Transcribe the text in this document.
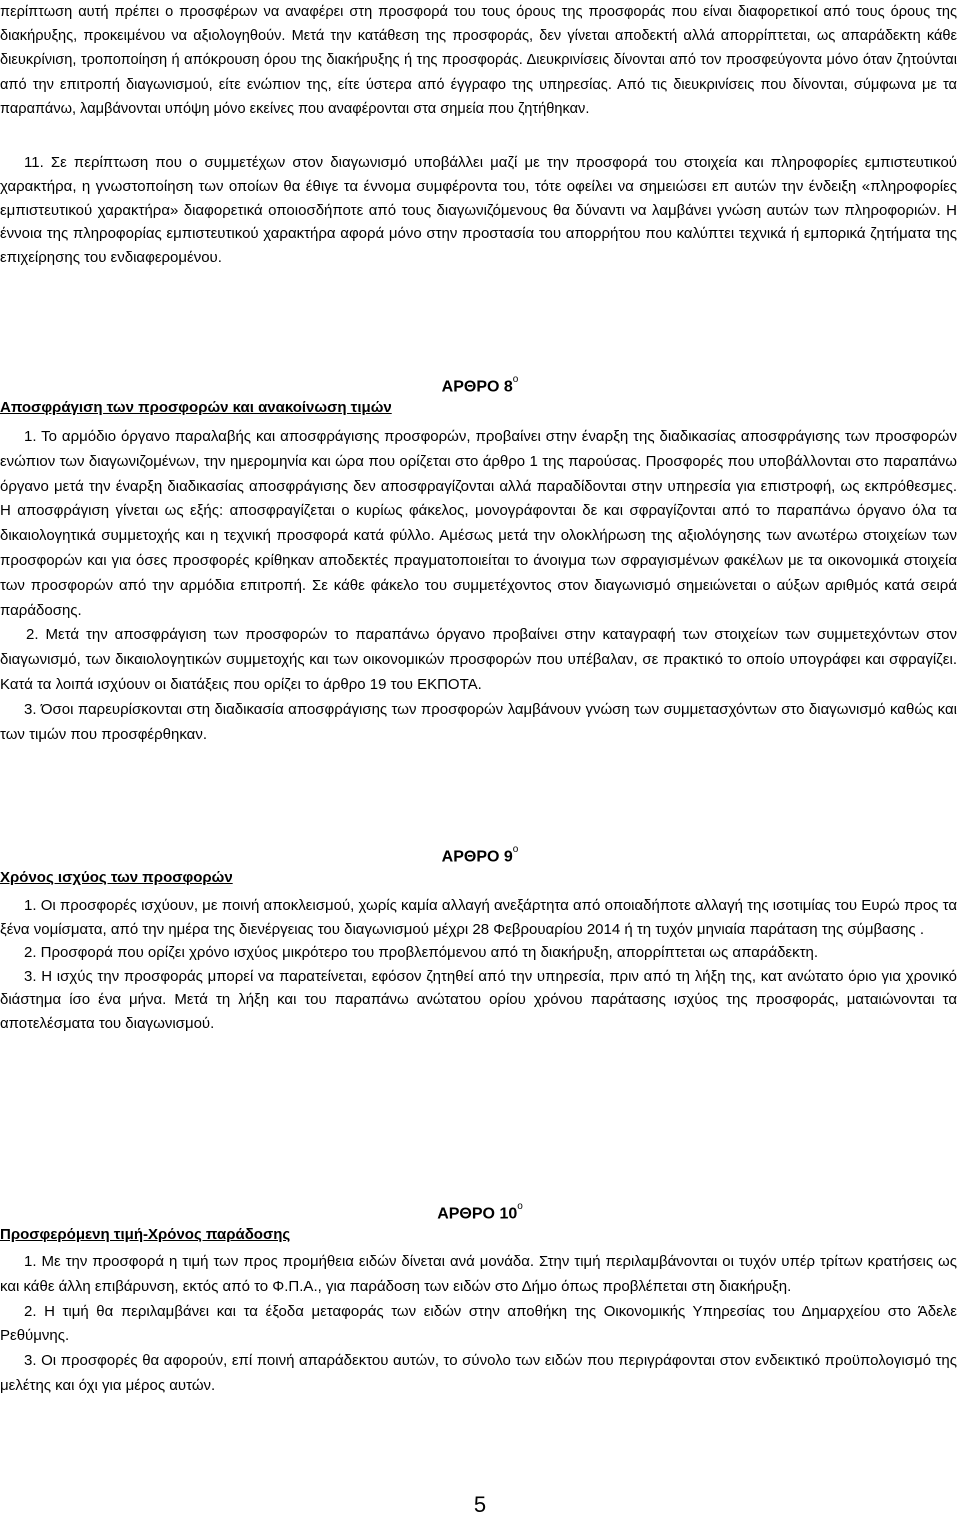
περίπτωση αυτή πρέπει ο προσφέρων να αναφέρει στη προσφορά του τους όρους της προσφοράς που είναι διαφορετικοί από τους όρους της διακήρυξης, προκειμένου να αξιολογηθούν. Μετά την κατάθεση της προσφοράς, δεν γίνεται αποδεκτή αλλά απορρίπτεται, ως απαράδεκτη κάθε διευκρίνιση, τροποποίηση ή απόκρουση όρου της διακήρυξης ή της προσφοράς. Διευκρινίσεις δίνονται από τον προσφεύγοντα μόνο όταν ζητούνται από την επιτροπή διαγωνισμού, είτε ενώπιον της, είτε ύστερα από έγγραφο της υπηρεσίας. Από τις διευκρινίσεις που δίνονται, σύμφωνα με τα παραπάνω, λαμβάνονται υπόψη μόνο εκείνες που αναφέρονται στα σημεία που ζητήθηκαν.

11. Σε περίπτωση που ο συμμετέχων στον διαγωνισμό υποβάλλει μαζί με την προσφορά του στοιχεία και πληροφορίες εμπιστευτικού χαρακτήρα, η γνωστοποίηση των οποίων θα έθιγε τα έννομα συμφέροντα του, τότε οφείλει να σημειώσει επ αυτών την ένδειξη «πληροφορίες εμπιστευτικού χαρακτήρα» διαφορετικά οποιοσδήποτε από τους διαγωνιζόμενους θα δύναντι να λαμβάνει γνώση αυτών των πληροφοριών. Η έννοια της πληροφορίας εμπιστευτικού χαρακτήρα αφορά μόνο στην προστασία του απορρήτου που καλύπτει τεχνικά ή εμπορικά ζητήματα της επιχείρησης του ενδιαφερομένου.

ΑΡΘΡΟ $8^o$
Αποσφράγιση των προσφορών και ανακοίνωση τιμών

1. Το αρμόδιο όργανο παραλαβής και αποσφράγισης προσφορών, προβαίνει στην έναρξη της διαδικασίας αποσφράγισης των προσφορών ενώπιον των διαγωνιζομένων, την ημερομηνία και ώρα που ορίζεται στο άρθρο 1 της παρούσας. Προσφορές που υποβάλλονται στο παραπάνω όργανο μετά την έναρξη διαδικασίας αποσφράγισης δεν αποσφραγίζονται αλλά παραδίδονται στην υπηρεσία για επιστροφή, ως εκπρόθεσμες. Η αποσφράγιση γίνεται ως εξής: αποσφραγίζεται ο κυρίως φάκελος, μονογράφονται δε και σφραγίζονται από το παραπάνω όργανο όλα τα δικαιολογητικά συμμετοχής και η τεχνική προσφορά κατά φύλλο. Αμέσως μετά την ολοκλήρωση της αξιολόγησης των ανωτέρω στοιχείων των προσφορών και για όσες προσφορές κρίθηκαν αποδεκτές πραγματοποιείται το άνοιγμα των σφραγισμένων φακέλων με τα οικονομικά στοιχεία των προσφορών από την αρμόδια επιτροπή. Σε κάθε φάκελο του συμμετέχοντος στον διαγωνισμό σημειώνεται ο αύξων αριθμός κατά σειρά παράδοσης.

2. Μετά την αποσφράγιση των προσφορών το παραπάνω όργανο προβαίνει στην καταγραφή των στοιχείων των συμμετεχόντων στον διαγωνισμό, των δικαιολογητικών συμμετοχής και των οικονομικών προσφορών που υπέβαλαν, σε πρακτικό το οποίο υπογράφει και σφραγίζει. Κατά τα λοιπά ισχύουν οι διατάξεις που ορίζει το άρθρο 19 του ΕΚΠΟΤΑ.

3. Όσοι παρευρίσκονται στη διαδικασία αποσφράγισης των προσφορών λαμβάνουν γνώση των συμμετασχόντων στο διαγωνισμό καθώς και των τιμών που προσφέρθηκαν.

ΑΡΘΡΟ $9^o$
Χρόνος ισχύος των προσφορών

1. Οι προσφορές ισχύουν, με ποινή αποκλεισμού, χωρίς καμία αλλαγή ανεξάρτητα από οποιαδήποτε αλλαγή της ισοτιμίας του Ευρώ προς τα ξένα νομίσματα, από την ημέρα της διενέργειας του διαγωνισμού μέχρι 28 Φεβρουαρίου 2014 ή τη τυχόν μηνιαία παράταση της σύμβασης .

2. Προσφορά που ορίζει χρόνο ισχύος μικρότερο του προβλεπόμενου από τη διακήρυξη, απορρίπτεται ως απαράδεκτη.

3. Η ισχύς την προσφοράς μπορεί να παρατείνεται, εφόσον ζητηθεί από την υπηρεσία, πριν από τη λήξη της, κατ ανώτατο όριο για χρονικό διάστημα ίσο ένα μήνα. Μετά τη λήξη και του παραπάνω ανώτατου ορίου χρόνου παράτασης ισχύος της προσφοράς, ματαιώνονται τα αποτελέσματα του διαγωνισμού.

ΑΡΘΡΟ $10^o$
Προσφερόμενη τιμή-Χρόνος παράδοσης

1. Με την προσφορά η τιμή των προς προμήθεια ειδών δίνεται ανά μονάδα. Στην τιμή περιλαμβάνονται οι τυχόν υπέρ τρίτων κρατήσεις ως και κάθε άλλη επιβάρυνση, εκτός από το Φ.Π.Α., για παράδοση των ειδών στο Δήμο όπως προβλέπεται στη διακήρυξη.

2. Η τιμή θα περιλαμβάνει και τα έξοδα μεταφοράς των ειδών στην αποθήκη της Οικονομικής Υπηρεσίας του Δημαρχείου στο Άδελε Ρεθύμνης.

3. Οι προσφορές θα αφορούν, επί ποινή απαράδεκτου αυτών, το σύνολο των ειδών που περιγράφονται στον ενδεικτικό προϋπολογισμό της μελέτης και όχι για μέρος αυτών.

5
